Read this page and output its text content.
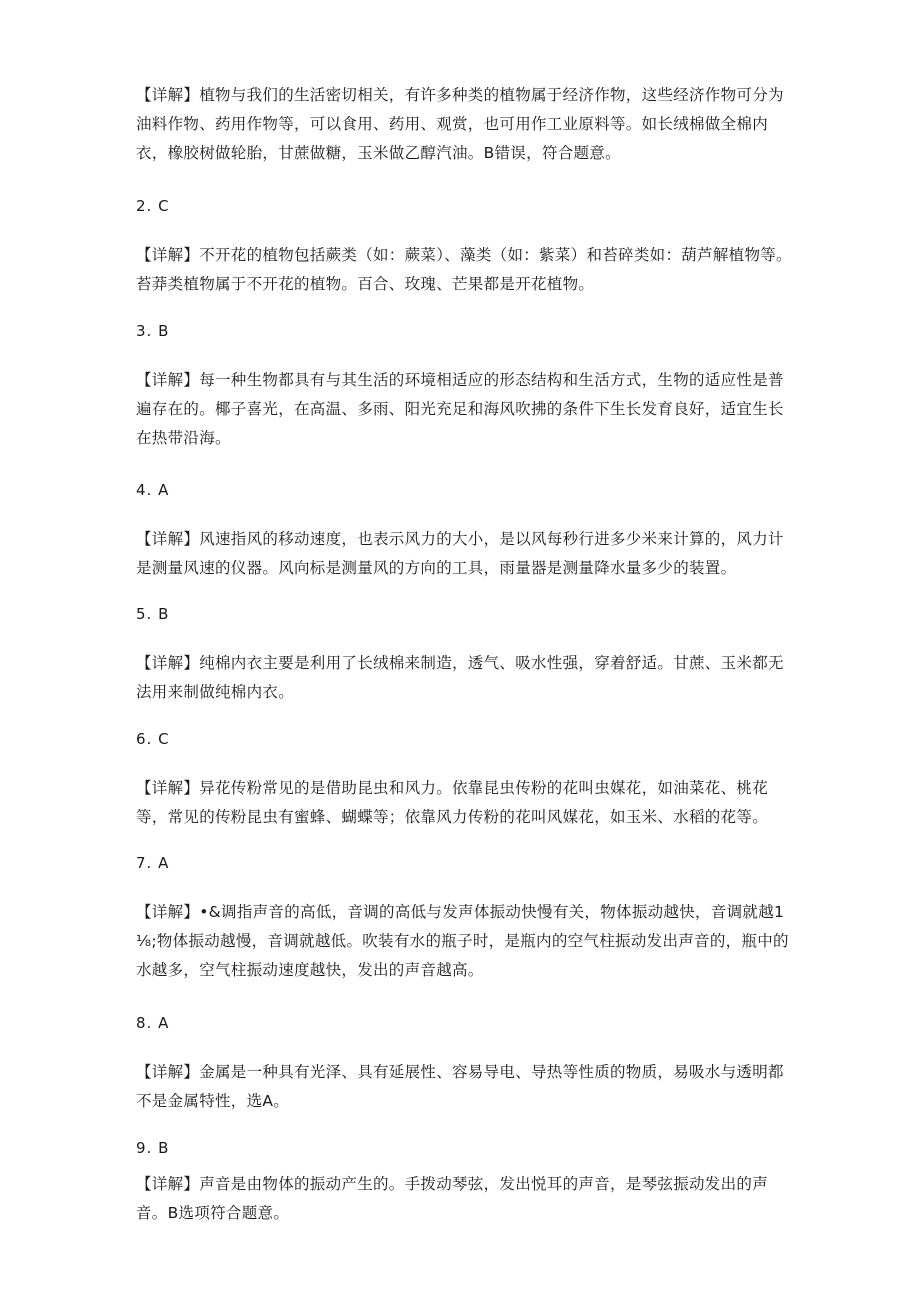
【详解】植物与我们的生活密切相关，有许多种类的植物属于经济作物，这些经济作物可分为油料作物、药用作物等，可以食用、药用、观赏，也可用作工业原料等。如长绒棉做全棉内衣，橡胶树做轮胎，甘蔗做糖，玉米做乙醇汽油。B错误，符合题意。

2. C

【详解】不开花的植物包括蕨类（如：蕨菜）、藻类（如：紫菜）和苔碎类如：葫芦解植物等。苔莽类植物属于不开花的植物。百合、玫瑰、芒果都是开花植物。

3. B

【详解】每一种生物都具有与其生活的环境相适应的形态结构和生活方式，生物的适应性是普遍存在的。椰子喜光，在高温、多雨、阳光充足和海风吹拂的条件下生长发育良好，适宜生长在热带沿海。

4. A

【详解】风速指风的移动速度，也表示风力的大小，是以风每秒行进多少米来计算的，风力计是测量风速的仪器。风向标是测量风的方向的工具，雨量器是测量降水量多少的装置。

5. B

【详解】纯棉内衣主要是利用了长绒棉来制造，透气、吸水性强，穿着舒适。甘蔗、玉米都无法用来制做纯棉内衣。

6. C

【详解】异花传粉常见的是借助昆虫和风力。依靠昆虫传粉的花叫虫媒花，如油菜花、桃花等，常见的传粉昆虫有蜜蜂、蝴蝶等；依靠风力传粉的花叫风媒花，如玉米、水稻的花等。

7. A

【详解】•&调指声音的高低，音调的高低与发声体振动快慢有关，物体振动越快，音调就越1⅛;物体振动越慢，音调就越低。吹装有水的瓶子时，是瓶内的空气柱振动发出声音的，瓶中的水越多，空气柱振动速度越快，发出的声音越高。

8. A

【详解】金属是一种具有光泽、具有延展性、容易导电、导热等性质的物质，易吸水与透明都不是金属特性，选A。

9. B

【详解】声音是由物体的振动产生的。手拨动琴弦，发出悦耳的声音，是琴弦振动发出的声音。B选项符合题意。
